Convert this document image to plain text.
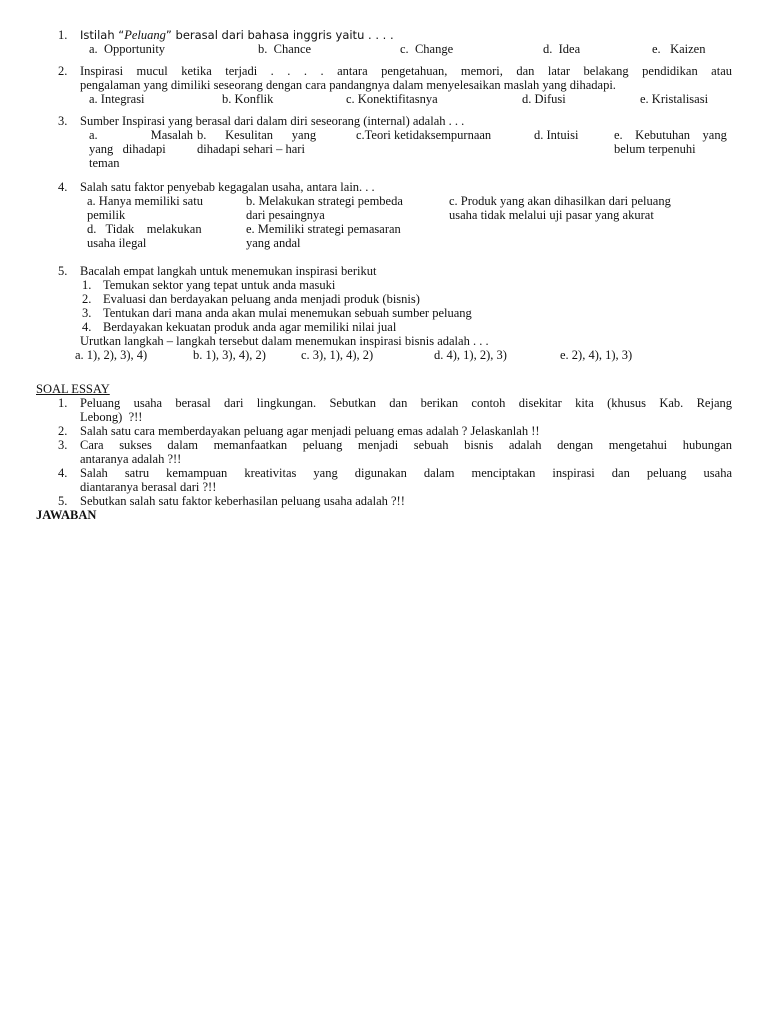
1. Istilah “Peluang” berasal dari bahasa inggris yaitu . . . .
a. Opportunity	b. Chance	c. Change	d. Idea	e. Kaizen
2. Inspirasi mucul ketika terjadi . . . . antara pengetahuan, memori, dan latar belakang pendidikan atau
pengalaman yang dimiliki seseorang dengan cara pandangnya dalam menyelesaikan maslah yang dihadapi.
a. Integrasi	b. Konflik	c. Konektifitasnya	d. Difusi	e. Kristalisasi
3. Sumber Inspirasi yang berasal dari dalam diri seseorang (internal) adalah . . .
a.        Masalah
yang   dihadapi
teman
b.      Kesulitan      yang
dihadapi sehari – hari
c.Teori ketidaksempurnaan	d. Intuisi	e.    Kebutuhan    yang
belum terpenuhi
4. Salah satu faktor penyebab kegagalan usaha, antara lain. . .
a. Hanya memiliki satu
pemilik
b. Melakukan strategi pembeda
dari pesaingnya
c. Produk yang akan dihasilkan dari peluang
usaha tidak melalui uji pasar yang akurat
d.   Tidak    melakukan
usaha ilegal
e. Memiliki strategi pemasaran
yang andal
5. Bacalah empat langkah untuk menemukan inspirasi berikut
1. Temukan sektor yang tepat untuk anda masuki
2. Evaluasi dan berdayakan peluang anda menjadi produk (bisnis)
3. Tentukan dari mana anda akan mulai menemukan sebuah sumber peluang
4. Berdayakan kekuatan produk anda agar memiliki nilai jual
Urutkan langkah – langkah tersebut dalam menemukan inspirasi bisnis adalah . . .
a. 1), 2), 3), 4)	b. 1), 3), 4), 2)	c. 3), 1), 4), 2)	d. 4), 1), 2), 3)	e. 2), 4), 1), 3)
SOAL ESSAY
1. Peluang usaha berasal dari lingkungan. Sebutkan dan berikan contoh disekitar kita (khusus Kab. Rejang
Lebong)  ?!!
2. Salah satu cara memberdayakan peluang agar menjadi peluang emas adalah ? Jelaskanlah !!
3. Cara sukses dalam memanfaatkan peluang menjadi sebuah bisnis adalah dengan mengetahui hubungan
antaranya adalah ?!!
4. Salah satru kemampuan kreativitas yang digunakan dalam menciptakan inspirasi dan peluang usaha
diantaranya berasal dari ?!!
5. Sebutkan salah satu faktor keberhasilan peluang usaha adalah ?!!
JAWABAN
